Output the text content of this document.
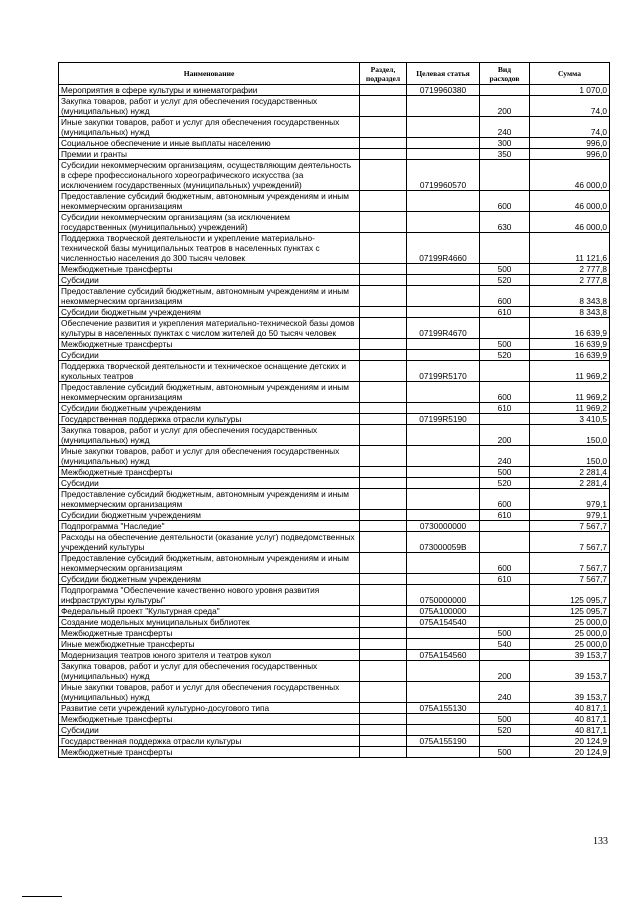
Наименование	Раздел, подраздел	Целевая статья	Вид расходов	Сумма
Мероприятия в сфере культуры и кинематографии		0719960380		1 070,0
Закупка товаров, работ и услуг для обеспечения государственных (муниципальных) нужд			200	74,0
Иные закупки товаров, работ и услуг для обеспечения государственных (муниципальных) нужд			240	74,0
Социальное обеспечение и иные выплаты населению			300	996,0
Премии и гранты			350	996,0
Субсидии некоммерческим организациям, осуществляющим деятельность в сфере профессионального хореографического искусства (за исключением государственных (муниципальных) учреждений)		0719960570		46 000,0
Предоставление субсидий бюджетным, автономным учреждениям и иным некоммерческим организациям			600	46 000,0
Субсидии некоммерческим организациям (за исключением государственных (муниципальных) учреждений)			630	46 000,0
Поддержка творческой деятельности и укрепление материально-технической базы муниципальных театров в населенных пунктах с численностью населения до 300 тысяч человек		07199R4660		11 121,6
Межбюджетные трансферты			500	2 777,8
Субсидии			520	2 777,8
Предоставление субсидий бюджетным, автономным учреждениям и иным некоммерческим организациям			600	8 343,8
Субсидии бюджетным учреждениям			610	8 343,8
Обеспечение развития и укрепления материально-технической базы домов культуры в населенных пунктах с числом жителей до 50 тысяч человек		07199R4670		16 639,9
Межбюджетные трансферты			500	16 639,9
Субсидии			520	16 639,9
Поддержка творческой деятельности и техническое оснащение детских и кукольных театров		07199R5170		11 969,2
Предоставление субсидий бюджетным, автономным учреждениям и иным некоммерческим организациям			600	11 969,2
Субсидии бюджетным учреждениям			610	11 969,2
Государственная поддержка отрасли культуры		07199R5190		3 410,5
Закупка товаров, работ и услуг для обеспечения государственных (муниципальных) нужд			200	150,0
Иные закупки товаров, работ и услуг для обеспечения государственных (муниципальных) нужд			240	150,0
Межбюджетные трансферты			500	2 281,4
Субсидии			520	2 281,4
Предоставление субсидий бюджетным, автономным учреждениям и иным некоммерческим организациям			600	979,1
Субсидии бюджетным учреждениям			610	979,1
Подпрограмма "Наследие"		0730000000		7 567,7
Расходы на обеспечение деятельности (оказание услуг) подведомственных учреждений культуры		073000059В		7 567,7
Предоставление субсидий бюджетным, автономным учреждениям и иным некоммерческим организациям			600	7 567,7
Субсидии бюджетным учреждениям			610	7 567,7
Подпрограмма "Обеспечение качественно нового уровня развития инфраструктуры культуры"		0750000000		125 095,7
Федеральный проект "Культурная среда"		075A100000		125 095,7
Создание модельных муниципальных библиотек		075A154540		25 000,0
Межбюджетные трансферты			500	25 000,0
Иные межбюджетные трансферты			540	25 000,0
Модернизация театров юного зрителя и театров кукол		075A154560		39 153,7
Закупка товаров, работ и услуг для обеспечения государственных (муниципальных) нужд			200	39 153,7
Иные закупки товаров, работ и услуг для обеспечения государственных (муниципальных) нужд			240	39 153,7
Развитие сети учреждений культурно-досугового типа		075A155130		40 817,1
Межбюджетные трансферты			500	40 817,1
Субсидии			520	40 817,1
Государственная поддержка отрасли культуры		075A155190		20 124,9
Межбюджетные трансферты			500	20 124,9
133
